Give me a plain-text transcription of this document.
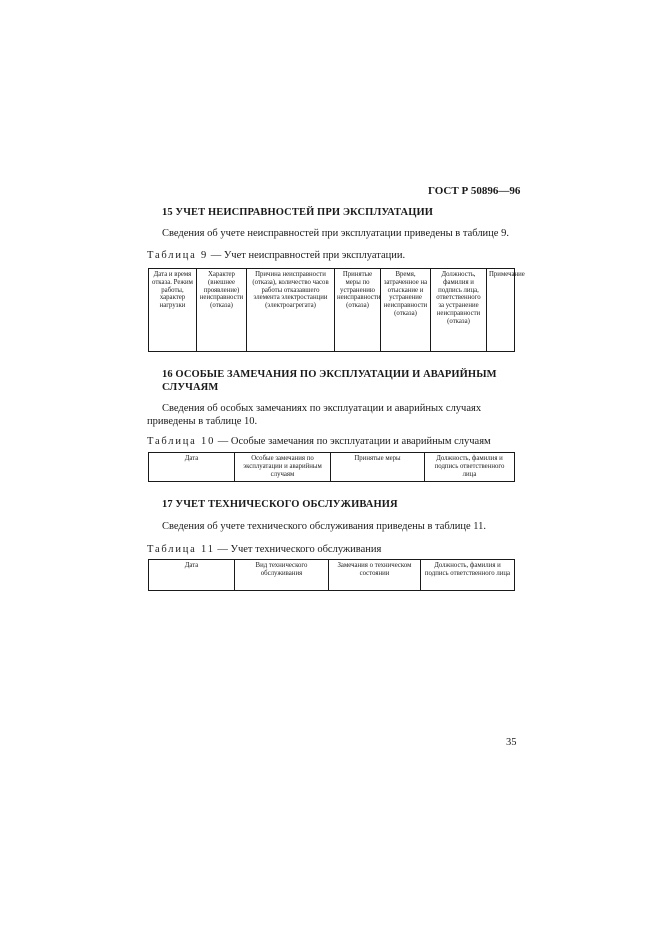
ГОСТ Р 50896—96
15 УЧЕТ НЕИСПРАВНОСТЕЙ ПРИ ЭКСПЛУАТАЦИИ
Сведения об учете неисправностей при эксплуатации приведены в таблице 9.
Таблица 9 — Учет неисправностей при эксплуатации.
Дата и время отказа. Режим работы, характер нагрузки	Характер (внешнее проявление) неисправности (отказа)	Причина неисправности (отказа), количество часов работы отказавшего элемента электростанции (электроагрегата)	Принятые меры по устранению неисправности (отказа)	Время, затраченное на отыскание и устранение неисправности (отказа)	Должность, фамилия и подпись лица, ответственного за устранение неисправности (отказа)	Примечание
16 ОСОБЫЕ ЗАМЕЧАНИЯ ПО ЭКСПЛУАТАЦИИ И АВАРИЙНЫМ
СЛУЧАЯМ
Сведения об особых замечаниях по эксплуатации и аварийных случаях приведены в таблице 10.
Таблица 10 — Особые замечания по эксплуатации и аварийным случаям
Дата	Особые замечания по эксплуатации и аварийным случаям	Принятые меры	Должность, фамилия и подпись ответственного лица
17 УЧЕТ ТЕХНИЧЕСКОГО ОБСЛУЖИВАНИЯ
Сведения об учете технического обслуживания приведены в таблице 11.
Таблица 11 — Учет технического обслуживания
Дата	Вид технического обслуживания	Замечания о техническом состоянии	Должность, фамилия и подпись ответственного лица
35
